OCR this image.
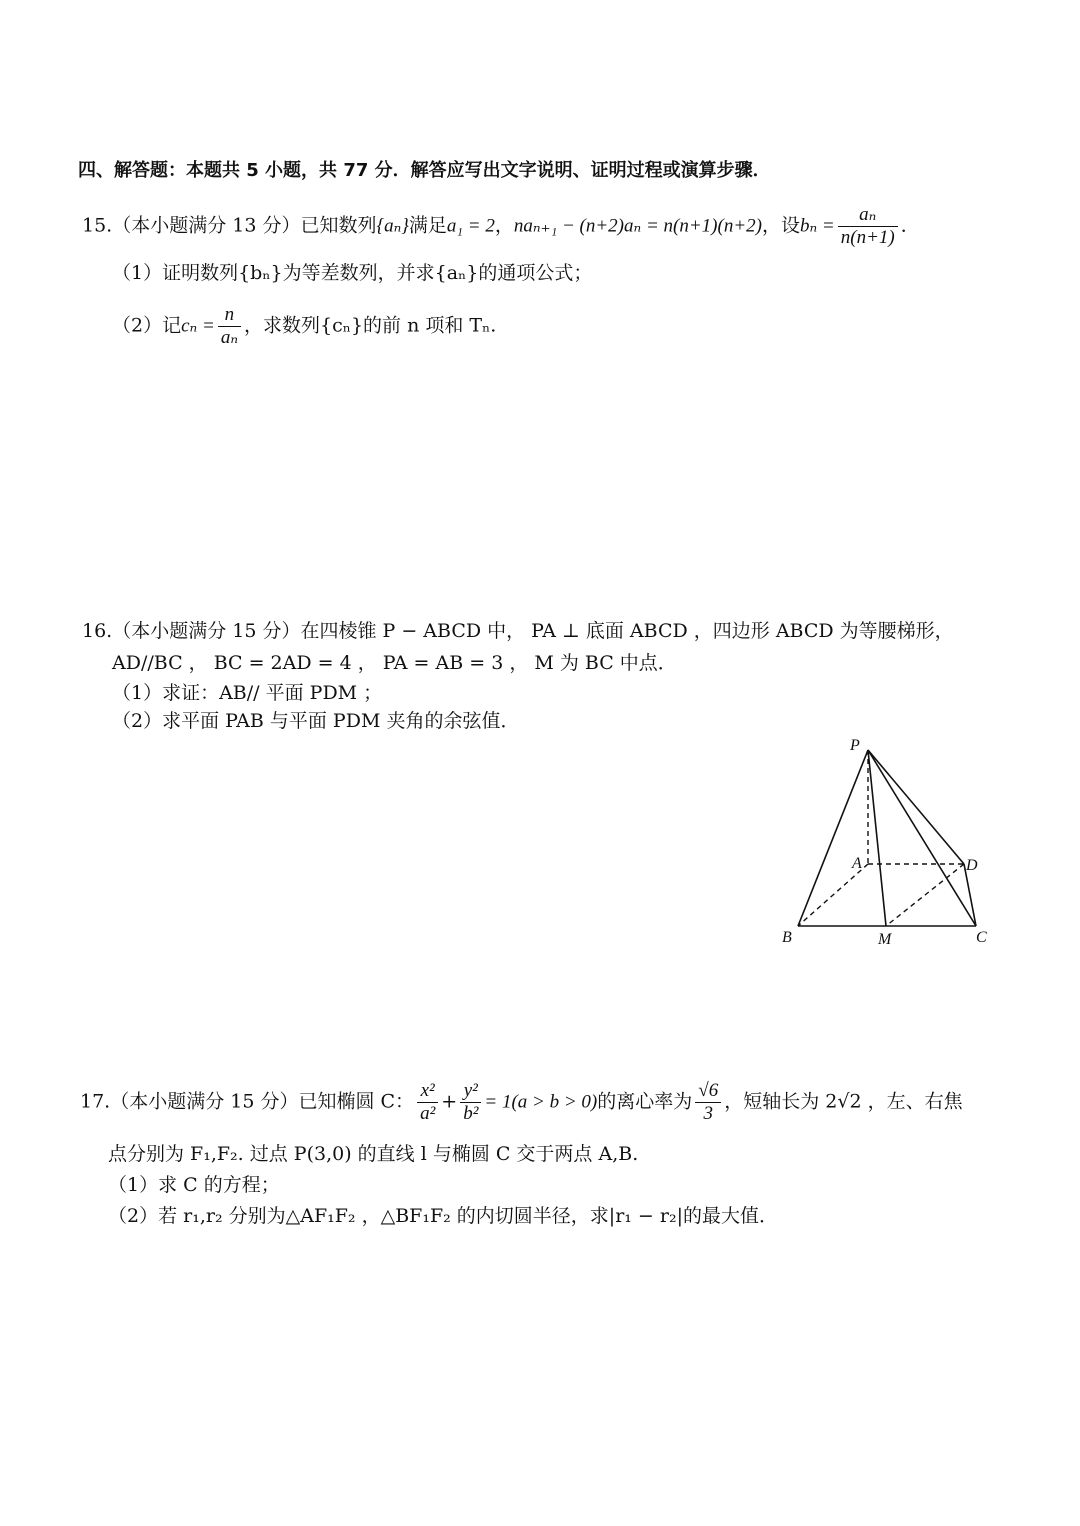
四、解答题：本题共 5 小题，共 77 分．解答应写出文字说明、证明过程或演算步骤．
15.（本小题满分 13 分）已知数列{aₙ}满足a₁ = 2，naₙ₊₁ − (n+2)aₙ = n(n+1)(n+2)，设$b_n = \frac{\text{aₙ}}{n(n+1)}$ ．
（1）证明数列{bₙ}为等差数列，并求{aₙ}的通项公式；
（2）记$c_n = \frac{n}{\text{aₙ}}$ ，求数列{cₙ}的前 n 项和 Tₙ.
16.（本小题满分 15 分）在四棱锥 P − ABCD 中， PA ⊥ 底面 ABCD ，四边形 ABCD 为等腰梯形，
AD//BC ， BC = 2AD = 4 ， PA = AB = 3 ， M 为 BC 中点．
（1）求证：AB// 平面 PDM ；
（2）求平面 PAB 与平面 PDM 夹角的余弦值．
P
A	D
B	M	C
17.（本小题满分 15 分）已知椭圆 C： $\frac{\text{x²}}{\text{a²}} + \frac{\text{y²}}{\text{b²}} = 1(a > b > 0)$的离心率为 $\frac{√6}{3}$ ，短轴长为 2√2 ，左、右焦
点分别为 F₁,F₂. 过点 P(3,0) 的直线 l 与椭圆 C 交于两点 A,B.
（1）求 C 的方程；
（2）若 r₁,r₂ 分别为△AF₁F₂ ，△BF₁F₂ 的内切圆半径，求|r₁ − r₂|的最大值．
